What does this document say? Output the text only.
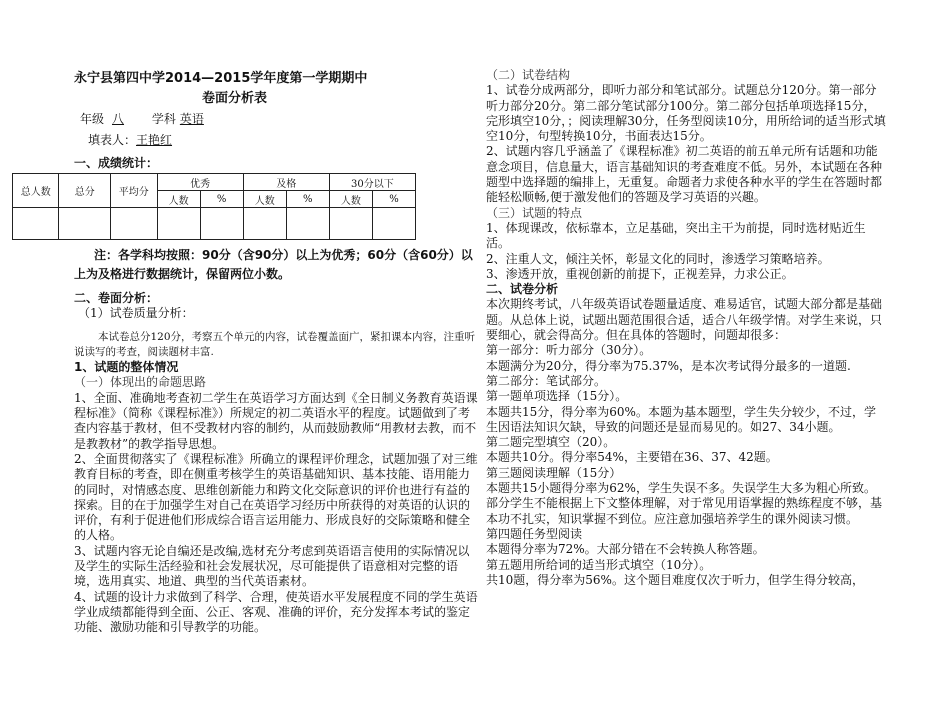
永宁县第四中学2014—2015学年度第一学期期中
卷面分析表
年级 八 学科 英语
填表人：王艳红
一、成绩统计：
总人数	总分	平均分	优秀		及格		30分以下	
			人数	%	人数	%	人数	%

注：各学科均按照：90分（含90分）以上为优秀；60分（含60分）以上为及格进行数据统计，保留两位小数。

二、卷面分析：

（1）试卷质量分析：

本试卷总分120分，考察五个单元的内容，试卷覆盖面广，紧扣课本内容，注重听说读写的考查，阅读题材丰富.

1、试题的整体情况

（一）体现出的命题思路

1、全面、准确地考查初二学生在英语学习方面达到《全日制义务教育英语课程标准》（简称《课程标准》）所规定的初二英语水平的程度。试题做到了考查内容基于教材，但不受教材内容的制约，从而鼓励教师“用教材去教，而不是教教材”的教学指导思想。

2、全面贯彻落实了《课程标准》所确立的课程评价理念，试题加强了对三维教育目标的考查，即在侧重考核学生的英语基础知识、基本技能、语用能力的同时，对情感态度、思维创新能力和跨文化交际意识的评价也进行有益的探索。目的在于加强学生对自己在英语学习经历中所获得的对英语的认识的评价，有利于促进他们形成综合语言运用能力、形成良好的交际策略和健全的人格。

3、试题内容无论自编还是改编,选材充分考虑到英语语言使用的实际情况以及学生的实际生活经验和社会发展状况，尽可能提供了语意相对完整的语境，选用真实、地道、典型的当代英语素材。

4、试题的设计力求做到了科学、合理，使英语水平发展程度不同的学生英语学业成绩都能得到全面、公正、客观、准确的评价，充分发挥本考试的鉴定功能、激励功能和引导教学的功能。

（二）试卷结构

1、试卷分成两部分，即听力部分和笔试部分。试题总分120分。第一部分听力部分20分。第二部分笔试部分100分。第二部分包括单项选择15分，完形填空10分，；阅读理解30分，任务型阅读10分，用所给词的适当形式填空10分，句型转换10分，书面表达15分。

2、试题内容几乎涵盖了《课程标准》初二英语的前五单元所有话题和功能意念项目，信息量大，语言基础知识的考查难度不低。另外，本试题在各种题型中选择题的编排上，无重复。命题者力求使各种水平的学生在答题时都能轻松顺畅,便于激发他们的答题及学习英语的兴趣。

（三）试题的特点

1、体现课改，依标靠本，立足基础，突出主干为前提，同时选材贴近生活。

2、注重人文，倾注关怀，彰显文化的同时，渗透学习策略培养。

3、渗透开放，重视创新的前提下，正视差异，力求公正。

二、试卷分析

本次期终考试，八年级英语试卷题量适度、难易适官，试题大部分都是基础题。从总体上说，试题出题范围很合适，适合八年级学情。对学生来说，只要细心，就会得高分。但在具体的答题时，问题却很多：

第一部分：听力部分（30分）。

本题满分为20分，得分率为75.37%，是本次考试得分最多的一道题.

第二部分：笔试部分。

第一题单项选择（15分）。

本题共15分，得分率为60%。本题为基本题型，学生失分较少，不过，学生因语法知识欠缺，导致的问题还是显而易见的。如27、34小题。

第二题完型填空（20）。

本题共10分。得分率54%，主要错在36、37、42题。

第三题阅读理解（15分）

本题共15小题得分率为62%，学生失误不多。失误学生大多为粗心所致。部分学生不能根据上下文整体理解，对于常见用语掌握的熟练程度不够，基本功不扎实，知识掌握不到位。应注意加强培养学生的课外阅读习惯。

第四题任务型阅读

本题得分率为72%。大部分错在不会转换人称答题。

第五题用所给词的适当形式填空（10分）。

共10题，得分率为56%。这个题目难度仅次于听力，但学生得分较高，
